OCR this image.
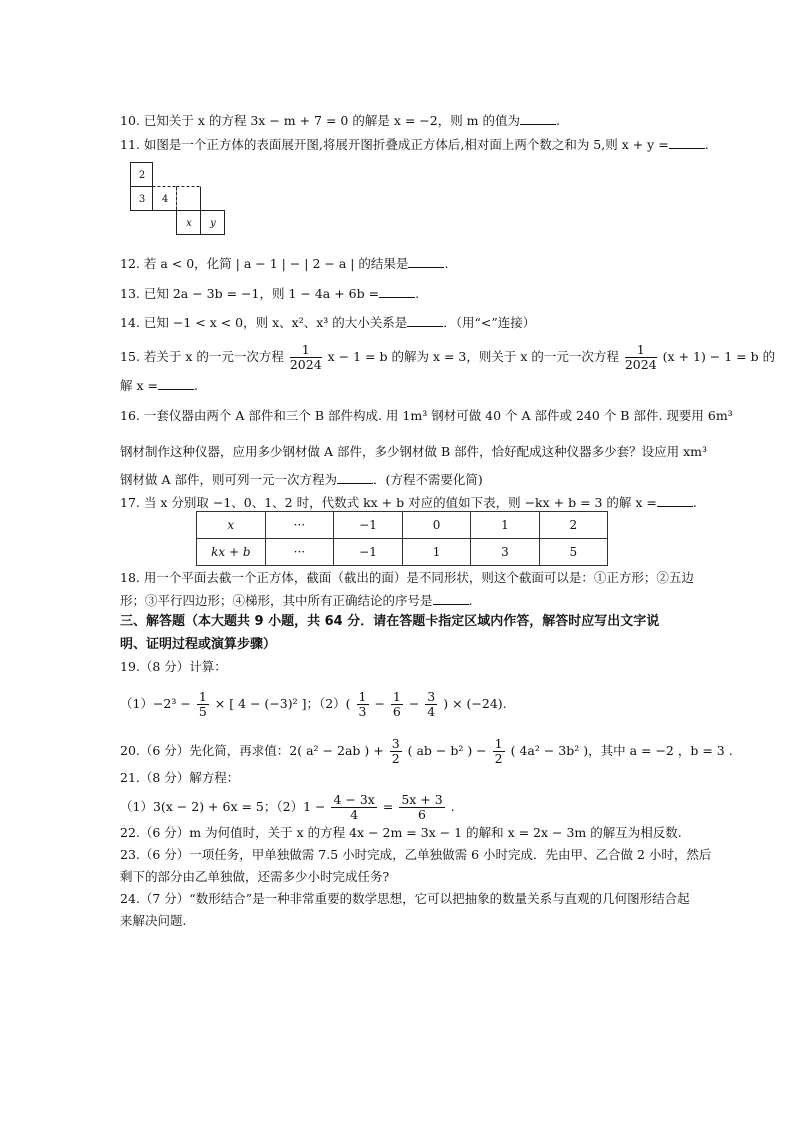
10. 已知关于 x 的方程 3x − m + 7 = 0 的解是 x = −2，则 m 的值为	.
11. 如图是一个正方体的表面展开图,将展开图折叠成正方体后,相对面上两个数之和为 5,则 x + y =	.
2
3	4
x	y
12. 若 a < 0，化简 | a − 1 | − | 2 − a | 的结果是	.
13. 已知 2a − 3b = −1，则 1 − 4a + 6b =	.
14. 已知 −1 < x < 0，则 x、x²、x³ 的大小关系是	．（用“<”连接）
15. 若关于 x 的一元一次方程 $\frac{1}{2024}$ x − 1 = b 的解为 x = 3，则关于 x 的一元一次方程 $\frac{1}{2024} (x + 1) - 1 = b$ 的
解 x =	.
16. 一套仪器由两个 A 部件和三个 B 部件构成. 用 1m³ 钢材可做 40 个 A 部件或 240 个 B 部件. 现要用 6m³
钢材制作这种仪器，应用多少钢材做 A 部件，多少钢材做 B 部件，恰好配成这种仪器多少套？设应用 xm³
钢材做 A 部件，则可列一元一次方程为	．(方程不需要化简)
17. 当 x 分别取 −1、0、1、2 时，代数式 kx + b 对应的值如下表，则 −kx + b = 3 的解 x =	.
x	···	−1	0	1	2
kx + b	···	−1	1	3	5
18. 用一个平面去截一个正方体，截面（截出的面）是不同形状，则这个截面可以是：①正方形；②五边
形；③平行四边形；④梯形，其中所有正确结论的序号是	.
三、解答题（本大题共 9 小题，共 64 分．请在答题卡指定区域内作答，解答时应写出文字说
明、证明过程或演算步骤）
19.（8 分）计算：
$(1)-2^3 - \frac{1}{5}$ × [ 4 − (−3)² ]；$(2)( \frac{1}{3} - \frac{1}{6} - \frac{3}{4}$ ) × (−24).
20.（6 分）先化简，再求值：2( a² − 2ab ) + $\frac{3}{2}$ ( ab − b² ) − $\frac{1}{2}$ ( 4a² − 3b² )，其中 a = −2 ，b = 3 .
21.（8 分）解方程：
（1）3(x − 2) + 6x = 5；$(2)1 - \frac{4 - 3x}{4} = \frac{5x + 3}{6}$ .
22.（6 分）m 为何值时，关于 x 的方程 4x − 2m = 3x − 1 的解和 x = 2x − 3m 的解互为相反数.
23.（6 分）一项任务，甲单独做需 7.5 小时完成，乙单独做需 6 小时完成．先由甲、乙合做 2 小时，然后
剩下的部分由乙单独做，还需多少小时完成任务?
24.（7 分）“数形结合”是一种非常重要的数学思想，它可以把抽象的数量关系与直观的几何图形结合起
来解决问题.
